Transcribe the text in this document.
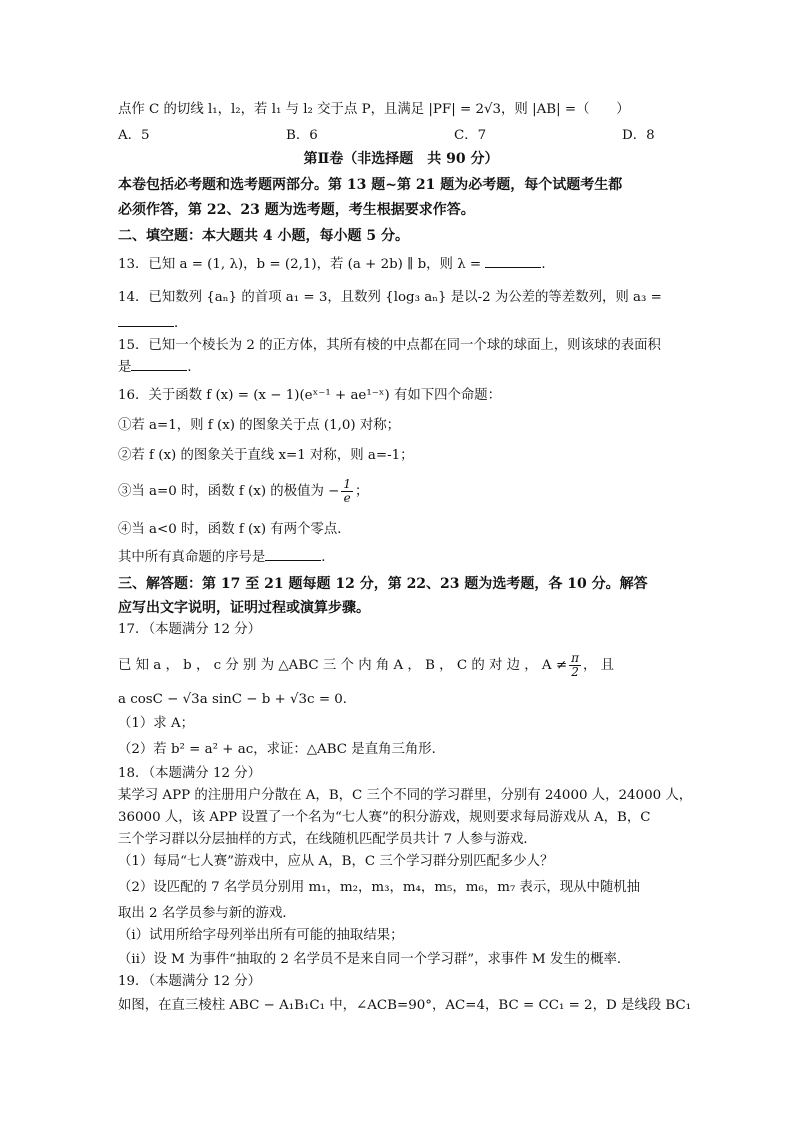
点作 C 的切线 l₁，l₂，若 l₁ 与 l₂ 交于点 P，且满足 |PF| = 2√3，则 |AB| =（　　）
A．5	B．6	C．7	D．8
第Ⅱ卷（非选择题　共 90 分）
本卷包括必考题和选考题两部分。第 13 题~第 21 题为必考题，每个试题考生都
必须作答，第 22、23 题为选考题，考生根据要求作答。
二、填空题：本大题共 4 小题，每小题 5 分。
13．已知 a = (1, λ)，b = (2,1)，若 (a + 2b) ∥ b，则 λ =	．
14．已知数列 {aₙ} 的首项 a₁ = 3，且数列 {log₃ aₙ} 是以-2 为公差的等差数列，则 a₃ =
．
15．已知一个棱长为 2 的正方体，其所有棱的中点都在同一个球的球面上，则该球的表面积
是	．
16．关于函数 f (x) = (x − 1)(eˣ⁻¹ + ae¹⁻ˣ) 有如下四个命题：
①若 a=1，则 f (x) 的图象关于点 (1,0) 对称；
②若 f (x) 的图象关于直线 x=1 对称，则 a=-1；
③当 a=0 时，函数 f (x) 的极值为 − $\frac{1}{e}$ ；
④当 a<0 时，函数 f (x) 有两个零点．
其中所有真命题的序号是	．
三、解答题：第 17 至 21 题每题 12 分，第 22、23 题为选考题，各 10 分。解答
应写出文字说明，证明过程或演算步骤。
17．（本题满分 12 分）
已 知 a ， b ， c 分 别 为 △ABC 三 个 内 角 A ， B ， C 的 对 边 ， $A \ne \frac{\pi}{2}$ ， 且
a cosC − √3a sinC − b + √3c = 0．
（1）求 A；
（2）若 b² = a² + ac，求证：△ABC 是直角三角形．
18．（本题满分 12 分）
某学习 APP 的注册用户分散在 A，B，C 三个不同的学习群里，分别有 24000 人，24000 人，
36000 人，该 APP 设置了一个名为“七人赛”的积分游戏，规则要求每局游戏从 A，B，C
三个学习群以分层抽样的方式，在线随机匹配学员共计 7 人参与游戏．
（1）每局“七人赛”游戏中，应从 A，B，C 三个学习群分别匹配多少人？
（2）设匹配的 7 名学员分别用 m₁，m₂，m₃，m₄，m₅，m₆，m₇ 表示，现从中随机抽
取出 2 名学员参与新的游戏．
（ⅰ）试用所给字母列举出所有可能的抽取结果；
（ⅱ）设 M 为事件“抽取的 2 名学员不是来自同一个学习群”，求事件 M 发生的概率．
19．（本题满分 12 分）
如图，在直三棱柱 ABC − A₁B₁C₁ 中，∠ACB=90°，AC=4，BC = CC₁ = 2，D 是线段 BC₁
